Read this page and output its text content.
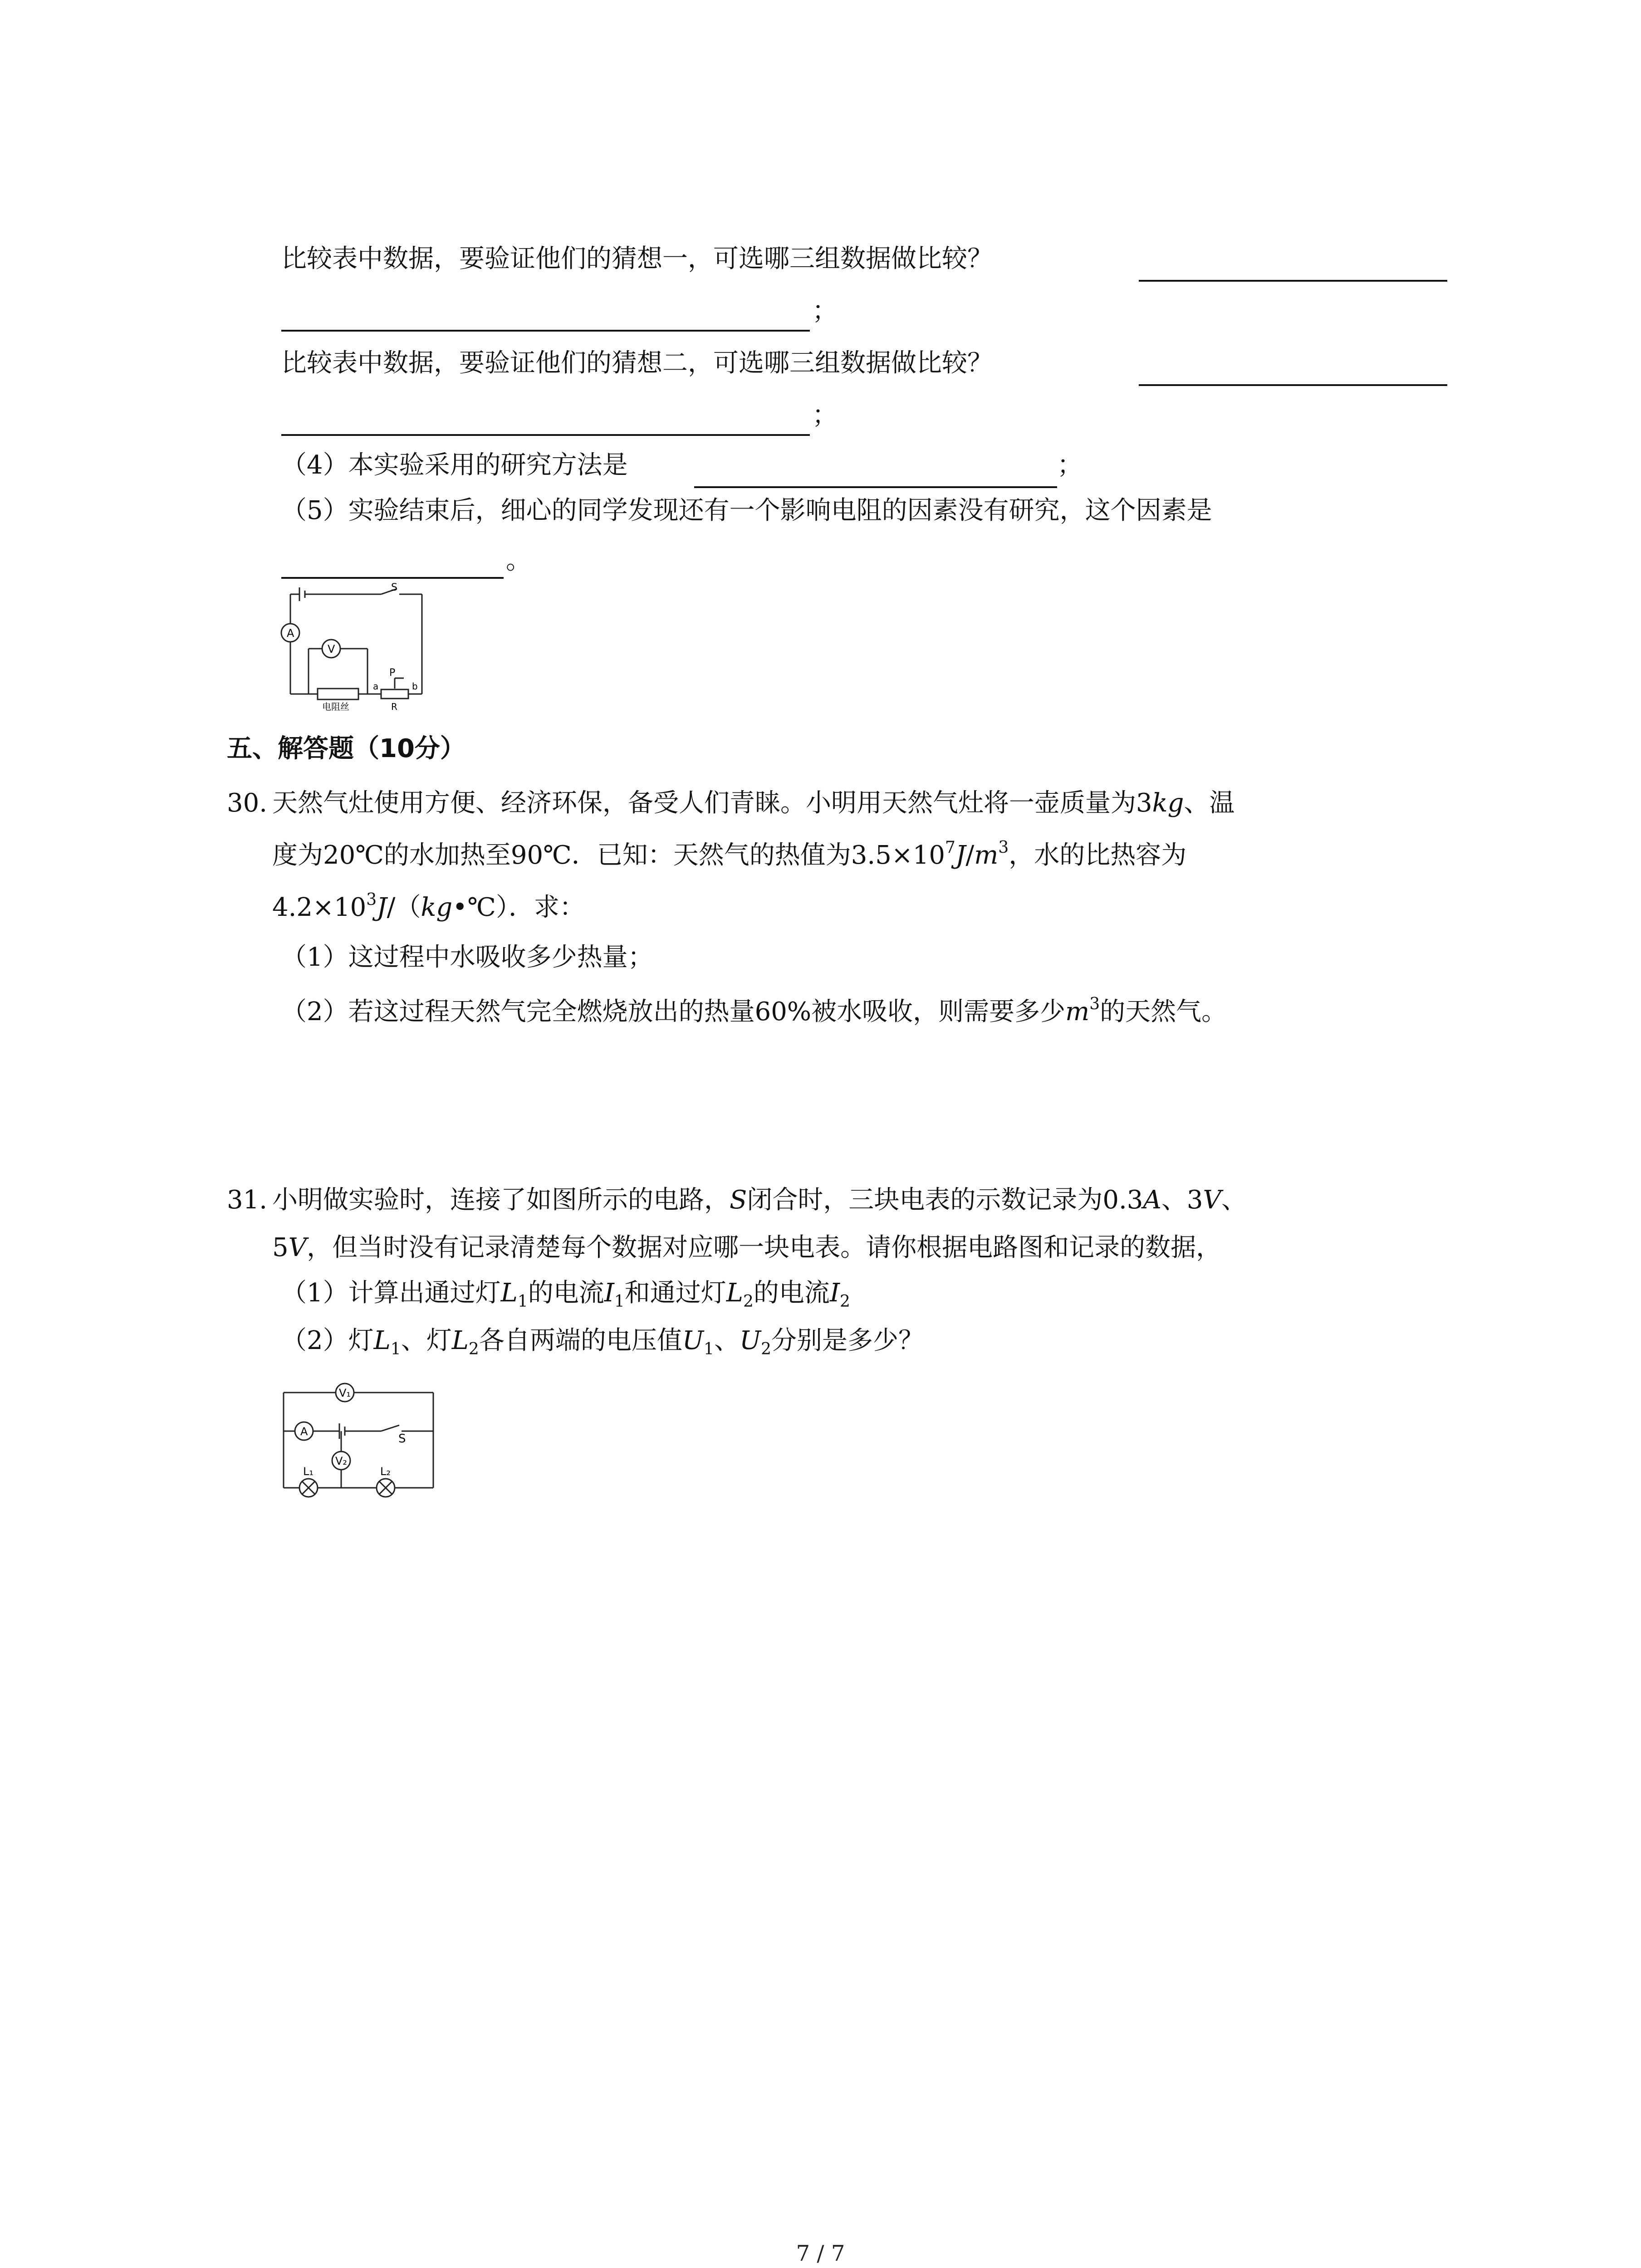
比较表中数据，要验证他们的猜想一，可选哪三组数据做比较？
；
比较表中数据，要验证他们的猜想二，可选哪三组数据做比较？
；
（4）本实验采用的研究方法是	；
（5）实验结束后，细心的同学发现还有一个影响电阻的因素没有研究，这个因素是
。
A
V
S
P
电阻丝
a
R
b
五、解答题（10分）
30. 天然气灶使用方便、经济环保，备受人们青睐。小明用天然气灶将一壶质量为3kg、温
度为20℃的水加热至90℃．已知：天然气的热值为$3.5\times 10^7J/m^3$，水的比热容为
$4.2\times 10^3J/(kg•℃)$．求：
（1）这过程中水吸收多少热量；
（2）若这过程天然气完全燃烧放出的热量60%被水吸收，则需要多少$m^3$的天然气。
31. 小明做实验时，连接了如图所示的电路，S闭合时，三块电表的示数记录为0.3A、3V、
5V，但当时没有记录清楚每个数据对应哪一块电表。请你根据电路图和记录的数据，
（1）计算出通过灯$L_1$的电流$I_1$和通过灯$L_2$的电流$I_2$
（2）灯$L_1$、灯$L_2$各自两端的电压值$U_1$、$U_2$分别是多少？
V₁
A
V₂
S
L₁	L₂
7 / 7
